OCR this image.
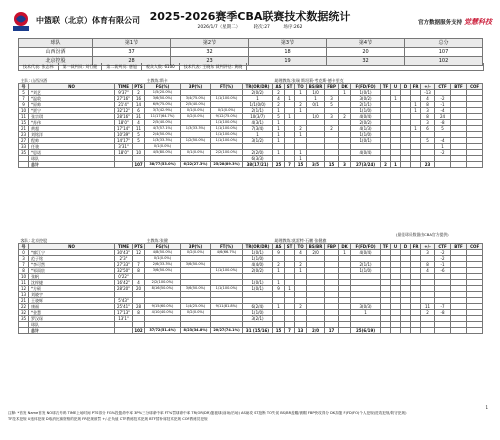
中篮联（北京）体育有限公司 2025-2026赛季CBA联赛技术数据统计
2026/1/7（星期二）	轮次:27	场序:262
官方数据服务支持 觉慧科技
球队	第1节	第2节	第3节	第4节	总分
山西汾酒	37	32	18	20	107
北京控股	28	23	19	32	102
技术代表: 张志伟 第一裁判员: 刘行健 第二裁判员: 唐旭 观众人数: 6100 技术代表: 王晓东 裁判评估: 黄晓
主队: 山西汾酒				主教练:斯卡				助理教练:张瑞 斯坦莉·考克斯·德卡里克														
号	NO	TIME	PTS	FG(%)	3P(%)	FT(%)	TR(OR/DR)	AS	ST	TO	BS/BR	FBP	DK	F(FD/FO)	TF	U	D	FR	+/-	CTF	BTF	COF
5	*刘艺	9'37"	2	1/5(20.0%)			2(0/2)	2		1	1/0		1	1(0/1)					-13			
7	*温敦	27'16"	16	3/6(50.0%)	3/4(75.0%)	1/1(100.0%)	1	4	1		1	3		3(0/2)		1			4	-2		
9	*原帅	21'4"	14	6/9(75.0%)	2/5(40.0%)		1/1(0/0)	2		2	0/1	5		2(1/1)				1	8	-1		
10	*贾宁	32'12"	6	3/7(42.9%)	0/1(0.0%)	0/1(0.0%)	2(1/1)	1		1				1(1/0)				1	3	-4		
11	张宗琪	28'16"	31	11/17(64.7%)	0/2(0.0%)	9/12(75.0%)	10(3/7)	5	1		1/0	3	2	4(0/4)					8	24		
15	*苏伟	18'0"	4	2/5(40.0%)		1/1(100.0%)	4(3/1)	1						2(0/2)					3	-8		
21	黄超	17'14"	11	4/7(57.1%)	1/3(33.3%)	1/1(100.0%)	7(3/4)	1		2		2		4(1/3)				1	6	5		
23	刘铭洋	10'39"	5	2/4(50.0%)		1/1(100.0%)	1	1		1				1(1/0)								
27	程帅	14'17"	5	1/3(33.3%)	1/2(50.0%)	1/1(100.0%)	3(1/2)	1						1(0/1)					5	-4		
33	任骏	3'31"		0/1(0.0%)																1		
35	*思诺	18'0"	10	4/5(80.0%)	0/1(0.0%)	2/2(100.0%)	2(2/0)	1		1				4(0/4)						-2		
	球队						6(3/3)			1												
	总计		107	38/77(53.0%)	6/22(27.3%)	25/28(89.3%)	38(17/21)	25	7	15	3/5	15	3	27(3/24)	2	1			23			
(最佳球员数据由CBA官方提供)
客队: 北京控股				主教练:张健				助理教练:莫雷特·石鹏 张健旗														
号	NO	TIME	PTS	FG(%)	3P(%)	FT(%)	TR(OR/DR)	AS	ST	TO	BS/BR	FBP	DK	F(FD/FO)	TF	U	D	FR	+/-	CTF	BTF	COF
0	*廖江宁	30'43"	12	4/8(50.0%)	0/2(0.0%)	4/6(66.7%)	1(0/1)	9		4	2/0		1	4(0/4)					3	-2		
3	范子铭	2'3"		0/1(0.0%)			1(1/0)													-2		
7	*李可然	27'33"	7	2/6(33.3%)	3/6(50.0%)		4(4/0)	2		2				2(1/1)					8	-1		
8	*邹雨宸	32'50"	8	3/6(50.0%)		1/1(100.0%)	2(0/2)	1		1				1(1/0)					4	-6		
10	张帆	0'22"																				
11	沈梓捷	16'42"	4	2/2(100.0%)			1(0/1)	1														
12	*方硕	28'20"	20	8/16(50.0%)	3/6(50.0%)	1/1(100.0%)	1(0/1)	9	1													
13	刘晓宇																					
21	王骁辉	5'43"																				
22	康福	25'41"	28	9/15(60.0%)	1/4(25.0%)	9/11(81.8%)	6(2/4)	1		2				3(0/3)					11	-7		
32	*金慧	17'13"	8	4/10(40.0%)	0/2(0.0%)		1(1/0)							1					2	-8		
35	罗汉琛	13'1"					3(2/1)															
	球队																					
	总计		102	37/72(51.4%)	8/23(34.8%)	20/27(74.1%)	31 (15/16)	15	7	13	2/0	17		25(6/19)								
1
注释: *首发 Name首发 NO球衣号码 TIME上场时间 PTS得分 FG%投篮命中率 3P%三分球命中率 FT%罚球命中率 TR(OR/DR)篮板球(前场/后场) AS助攻 ST抢断 TO失误 BS/BR盖帽/被帽 FBP快攻得分 DK扣篮 F(FD/FO)个人犯规(进攻犯规/防守犯规)
TF技术犯规 U违体犯规 D取消比赛资格的犯规 FR犯规被罚 +/-正负值 CTF教练技术犯规 BTF替补席技术犯规 COF教练员犯规
